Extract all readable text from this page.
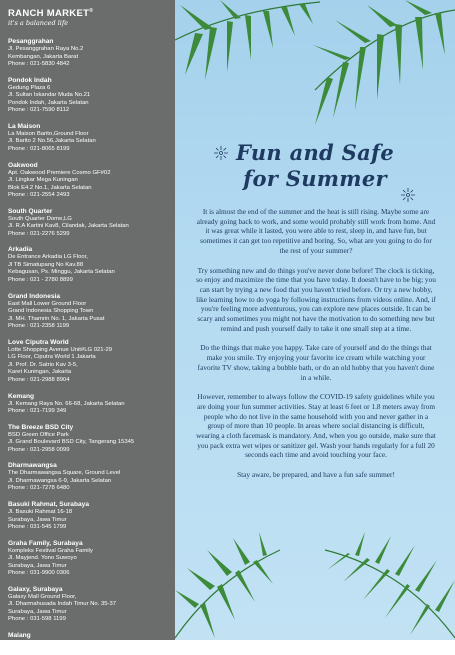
RANCH MARKET®
it's a balanced life
Pesanggrahan
Jl. Pesanggrahan Raya No.2
Kembangan, Jakarta Barat
Phone : 021-5830 4842
Pondok Indah
Gedung Plaza 6
Jl. Sultan Iskandar Muda No.21
Pondok Indah, Jakarta Selatan
Phone : 021-7590 8112
La Maison
La Maison Barito,Ground Floor
Jl. Barito 2 No.56,Jakarta Selatan
Phone : 021-8065 8199
Oakwood
Apt. Oakwood Premiere Cosmo GF#02
Jl. Lingkar Mega Kuningan
Blok E4.2 No.1, Jakarta Selatan
Phone : 021-2554 2493
South Quarter
South Quarter Dome,LG
Jl. R.A Kartini Kav8, Cilandak, Jakarta Selatan
Phone : 021-2276 5299
Arkadia
De Entrance Arkadia LG Floor,
Jl TB Simatupang No Kav.88
Kebagusan, Ps. Minggu, Jakarta Selatan
Phone : 021 - 2780 8899
Grand Indonesia
East Mall Lower Ground Floor
Grand Indonesia Shopping Town
Jl. MH. Thamrin No. 1, Jakarta Pusat
Phone : 021-2358 1199
Love Ciputra World
Lotte Shopping Avenue Unit#LG 021-29
LG Floor, Ciputra World 1 Jakarta
Jl. Prof. Dr. Satrio Kav 3-5,
Karet Kuningan, Jakarta
Phone : 021-2988 8904
Kemang
Jl. Kemang Raya No. 66-68, Jakarta Selatan
Phone : 021-7199 349
The Breeze BSD City
BSD Green Office Park
Jl. Grand Boulevard BSD City, Tangerang 15345
Phone : 021-2958 0099
Dharmawangsa
The Dharmawangsa Square, Ground Level
Jl. Dharmawangsa 6-9, Jakarta Selatan
Phone : 021-7278 6480
Basuki Rahmat, Surabaya
Jl. Basuki Rahmat 16-18
Surabaya, Jawa Timur
Phone : 031-545 1799
Graha Family, Surabaya
Kompleks Festival Graha Family
Jl. Mayjend. Yono Suwoyo
Surabaya, Jawa Timur
Phone : 031-9900 0306
Galaxy, Surabaya
Galaxy Mall Ground Floor,
Jl. Dharmahusada Indah Timur No. 35-37
Surabaya, Jawa Timur
Phone : 031-598 1199
Malang
Jl. Semeru No. 80, Malang - Jawa Timur
Phone : 341-347100
Fun and Safe
for Summer

It is almost the end of the summer and the heat is still rising. Maybe some are already going back to work, and some would probably still work from home. And it was great while it lasted, you were able to rest, sleep in, and have fun, but sometimes it can get too repetitive and boring. So, what are you going to do for the rest of your summer?

Try something new and do things you've never done before! The clock is ticking, so enjoy and maximize the time that you have today. It doesn't have to be big; you can start by trying a new food that you haven't tried before. Or try a new hobby, like learning how to do yoga by following instructions from videos online. And, if you're feeling more adventurous, you can explore new places outside. It can be scary and sometimes you might not have the motivation to do something new but remind and push yourself daily to take it one small step at a time.

Do the things that make you happy. Take care of yourself and do the things that make you smile. Try enjoying your favorite ice cream while watching your favorite TV show, taking a bubble bath, or do an old hobby that you haven't done in a while.

However, remember to always follow the COVID-19 safety guidelines while you are doing your fun summer activities. Stay at least 6 feet or 1.8 meters away from people who do not live in the same household with you and never gather in a group of more than 10 people. In areas where social distancing is difficult, wearing a cloth facemask is mandatory. And, when you go outside, make sure that you pack extra wet wipes or sanitizer gel. Wash your hands regularly for a full 20 seconds each time and avoid touching your face.

Stay aware, be prepared, and have a fun safe summer!
